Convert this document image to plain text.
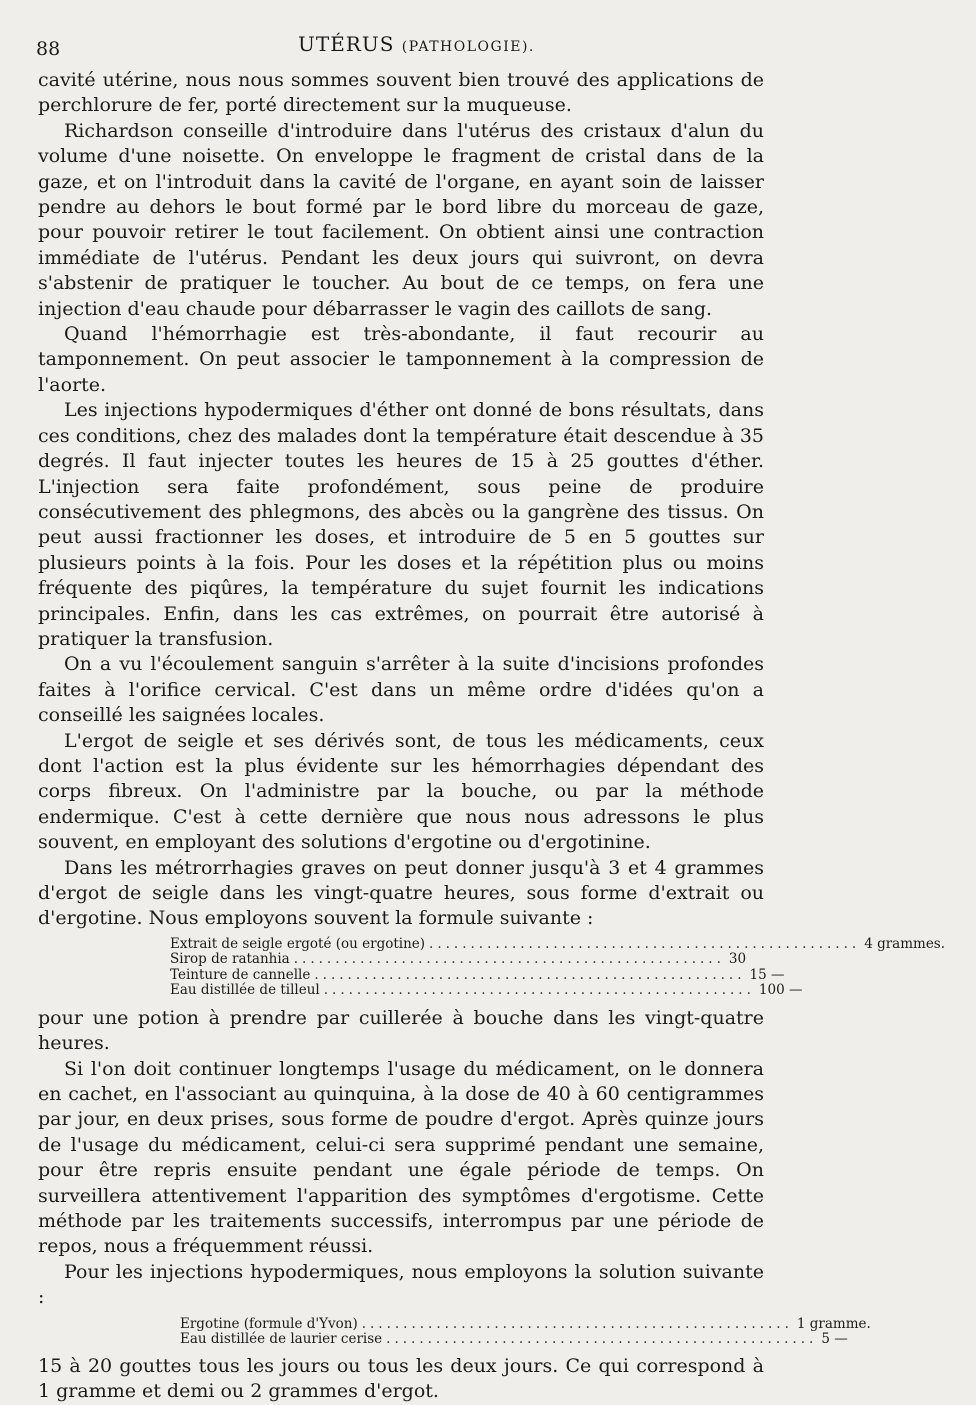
88	UTÉRUS (PATHOLOGIE).

cavité utérine, nous nous sommes souvent bien trouvé des applications de perchlorure de fer, porté directement sur la muqueuse.

Richardson conseille d'introduire dans l'utérus des cristaux d'alun du volume d'une noisette. On enveloppe le fragment de cristal dans de la gaze, et on l'introduit dans la cavité de l'organe, en ayant soin de laisser pendre au dehors le bout formé par le bord libre du morceau de gaze, pour pouvoir retirer le tout facilement. On obtient ainsi une contraction immédiate de l'utérus. Pendant les deux jours qui suivront, on devra s'abstenir de pratiquer le toucher. Au bout de ce temps, on fera une injection d'eau chaude pour débarrasser le vagin des caillots de sang.

Quand l'hémorrhagie est très-abondante, il faut recourir au tamponnement. On peut associer le tamponnement à la compression de l'aorte.

Les injections hypodermiques d'éther ont donné de bons résultats, dans ces conditions, chez des malades dont la température était descendue à 35 degrés. Il faut injecter toutes les heures de 15 à 25 gouttes d'éther. L'injection sera faite profondément, sous peine de produire consécutivement des phlegmons, des abcès ou la gangrène des tissus. On peut aussi fractionner les doses, et introduire de 5 en 5 gouttes sur plusieurs points à la fois. Pour les doses et la répétition plus ou moins fréquente des piqûres, la température du sujet fournit les indications principales. Enfin, dans les cas extrêmes, on pourrait être autorisé à pratiquer la transfusion.

On a vu l'écoulement sanguin s'arrêter à la suite d'incisions profondes faites à l'orifice cervical. C'est dans un même ordre d'idées qu'on a conseillé les saignées locales.

L'ergot de seigle et ses dérivés sont, de tous les médicaments, ceux dont l'action est la plus évidente sur les hémorrhagies dépendant des corps fibreux. On l'administre par la bouche, ou par la méthode endermique. C'est à cette dernière que nous nous adressons le plus souvent, en employant des solutions d'ergotine ou d'ergotinine.

Dans les métrorrhagies graves on peut donner jusqu'à 3 et 4 grammes d'ergot de seigle dans les vingt-quatre heures, sous forme d'extrait ou d'ergotine. Nous employons souvent la formule suivante :

Extrait de seigle ergoté (ou ergotine) .................................................... 4 grammes.
Sirop de ratanhia .................................................... 30
Teinture de cannelle .................................................... 15 —
Eau distillée de tilleul .................................................... 100 —

pour une potion à prendre par cuillerée à bouche dans les vingt-quatre heures.

Si l'on doit continuer longtemps l'usage du médicament, on le donnera en cachet, en l'associant au quinquina, à la dose de 40 à 60 centigrammes par jour, en deux prises, sous forme de poudre d'ergot. Après quinze jours de l'usage du médicament, celui-ci sera supprimé pendant une semaine, pour être repris ensuite pendant une égale période de temps. On surveillera attentivement l'apparition des symptômes d'ergotisme. Cette méthode par les traitements successifs, interrompus par une période de repos, nous a fréquemment réussi.

Pour les injections hypodermiques, nous employons la solution suivante :

Ergotine (formule d'Yvon) .................................................... 1 gramme.
Eau distillée de laurier cerise .................................................... 5 —

15 à 20 gouttes tous les jours ou tous les deux jours. Ce qui correspond à 1 gramme et demi ou 2 grammes d'ergot.
